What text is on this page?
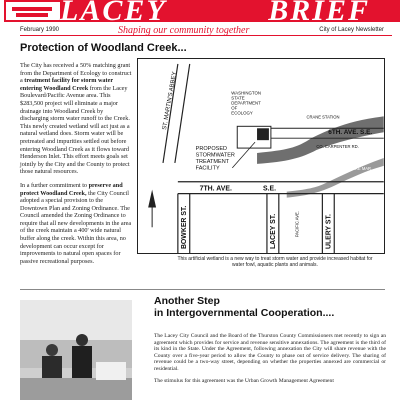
LACEY	BRIEF
February 1990	Shaping our community together	City of Lacey Newsletter
Protection of Woodland Creek...

The City has received a 50% matching grant from the Department of Ecology to construct a treatment facility for storm water entering Woodland Creek from the Lacey Boulevard/Pacific Avenue area. This $283,500 project will eliminate a major drainage into Woodland Creek by discharging storm water runoff to the Creek. This newly created wetland will act just as a natural wetland does. Storm water will be pretreated and impurities settled out before entering Woodland Creek as it flows toward Henderson Inlet. This effort meets goals set jointly by the City and the County to protect those natural resources.

In a further commitment to preserve and protect Woodland Creek, the City Council adopted a special provision to the Downtown Plan and Zoning Ordinance. The Council amended the Zoning Ordinance to require that all new developments in the area of the creek maintain a 400' wide natural buffer along the creek. Within this area, no development can occur except for improvements to natural open spaces for passive recreational purposes.

ST. MARTIN'S ABBEY	WASHINGTON STATE DEPARTMENT OF ECOLOGY
PROPOSED STORMWATER TREATMENT FACILITY
CRANE STATION
6TH. AVE. S.E.
CO. CARPENTER RD.
WOODLAND CREEK
7TH. AVE.	S.E.
BOWKER ST.	LACEY ST.	ULERY ST.
PACIFIC AVE.
LAKE MAR...
This artificial wetland is a new way to treat storm water and provide increased habitat for water fowl, aquatic plants and animals.
Another Step
in Intergovernmental Cooperation....

The Lacey City Council and the Board of the Thurston County Commissioners met recently to sign an agreement which provides for service and revenue sensitive annexations. The agreement is the third of its kind in the State. Under the Agreement, following annexation the City will share revenue with the County over a five-year period to allow the County to phase out of service delivery. The sharing of revenue could be a two-way street, depending on whether the properties annexed are commercial or residential.

The stimulus for this agreement was the Urban Growth Management Agreement
